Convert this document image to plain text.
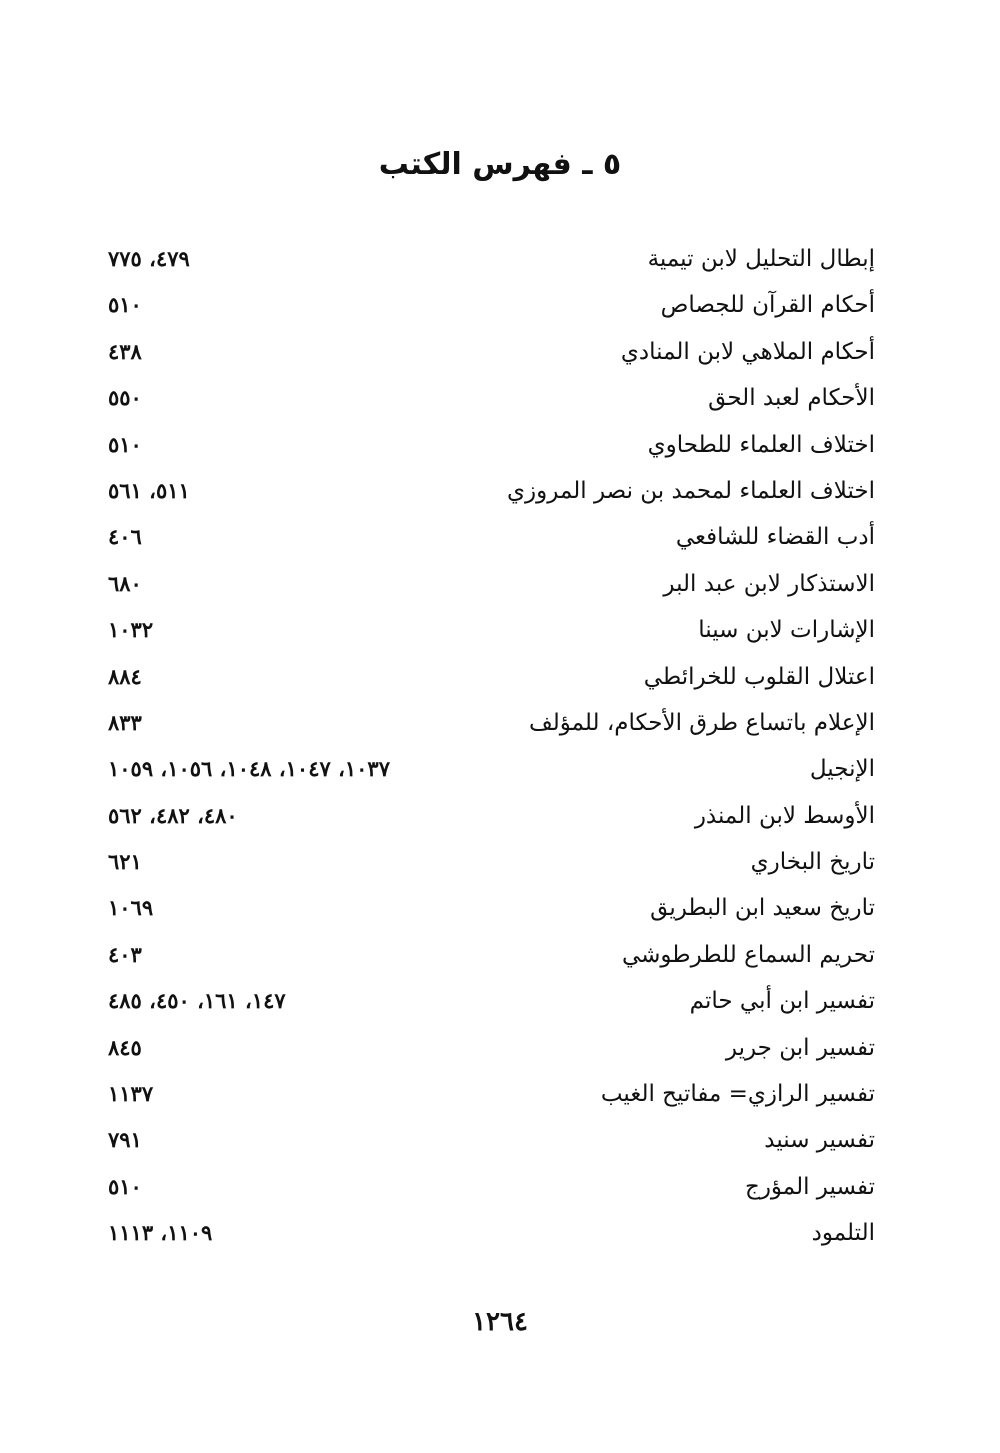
٥ ـ فهرس الكتب
إبطال التحليل لابن تيمية
٤٧٩، ٧٧٥
أحكام القرآن للجصاص
٥١٠
أحكام الملاهي لابن المنادي
٤٣٨
الأحكام لعبد الحق
٥٥٠
اختلاف العلماء للطحاوي
٥١٠
اختلاف العلماء لمحمد بن نصر المروزي
٥١١، ٥٦١
أدب القضاء للشافعي
٤٠٦
الاستذكار لابن عبد البر
٦٨٠
الإشارات لابن سينا
١٠٣٢
اعتلال القلوب للخرائطي
٨٨٤
الإعلام باتساع طرق الأحكام، للمؤلف
٨٣٣
الإنجيل
١٠٣٧، ١٠٤٧، ١٠٤٨، ١٠٥٦، ١٠٥٩
الأوسط لابن المنذر
٤٨٠، ٤٨٢، ٥٦٢
تاريخ البخاري
٦٢١
تاريخ سعيد ابن البطريق
١٠٦٩
تحريم السماع للطرطوشي
٤٠٣
تفسير ابن أبي حاتم
١٤٧، ١٦١، ٤٥٠، ٤٨٥
تفسير ابن جرير
٨٤٥
تفسير الرازي= مفاتيح الغيب
١١٣٧
تفسير سنيد
٧٩١
تفسير المؤرج
٥١٠
التلمود
١١٠٩، ١١١٣
١٢٦٤
